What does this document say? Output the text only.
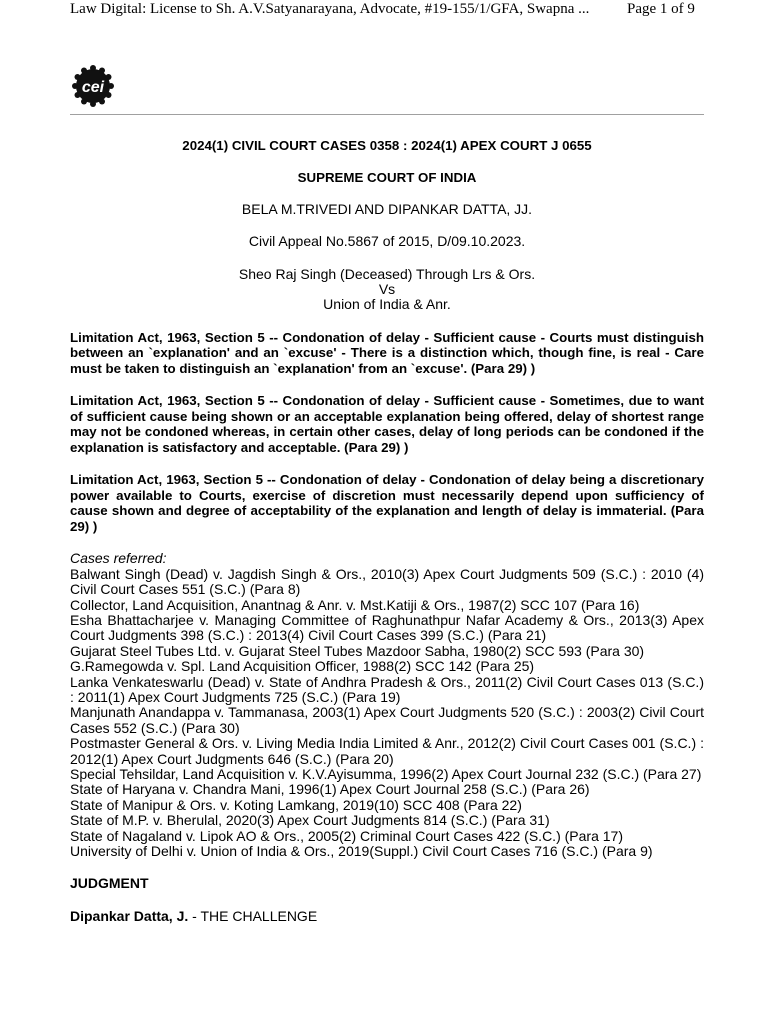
Law Digital: License to Sh. A.V.Satyanarayana, Advocate, #19-155/1/GFA, Swapna ...	Page 1 of 9
cei
2024(1) CIVIL COURT CASES 0358 : 2024(1) APEX COURT J 0655
SUPREME COURT OF INDIA
BELA M.TRIVEDI AND DIPANKAR DATTA, JJ.
Civil Appeal No.5867 of 2015, D/09.10.2023.
Sheo Raj Singh (Deceased) Through Lrs & Ors.
Vs
Union of India & Anr.
Limitation Act, 1963, Section 5 -- Condonation of delay - Sufficient cause - Courts must distinguish between an `explanation' and an `excuse' - There is a distinction which, though fine, is real - Care must be taken to distinguish an `explanation' from an `excuse'. (Para 29) )
Limitation Act, 1963, Section 5 -- Condonation of delay - Sufficient cause - Sometimes, due to want of sufficient cause being shown or an acceptable explanation being offered, delay of shortest range may not be condoned whereas, in certain other cases, delay of long periods can be condoned if the explanation is satisfactory and acceptable. (Para 29) )
Limitation Act, 1963, Section 5 -- Condonation of delay - Condonation of delay being a discretionary power available to Courts, exercise of discretion must necessarily depend upon sufficiency of cause shown and degree of acceptability of the explanation and length of delay is immaterial. (Para 29) )
Cases referred:
Balwant Singh (Dead) v. Jagdish Singh & Ors., 2010(3) Apex Court Judgments 509 (S.C.) : 2010 (4) Civil Court Cases 551 (S.C.) (Para 8)
Collector, Land Acquisition, Anantnag & Anr. v. Mst.Katiji & Ors., 1987(2) SCC 107 (Para 16)
Esha Bhattacharjee v. Managing Committee of Raghunathpur Nafar Academy & Ors., 2013(3) Apex Court Judgments 398 (S.C.) : 2013(4) Civil Court Cases 399 (S.C.) (Para 21)
Gujarat Steel Tubes Ltd. v. Gujarat Steel Tubes Mazdoor Sabha, 1980(2) SCC 593 (Para 30)
G.Ramegowda v. Spl. Land Acquisition Officer, 1988(2) SCC 142 (Para 25)
Lanka Venkateswarlu (Dead) v. State of Andhra Pradesh & Ors., 2011(2) Civil Court Cases 013 (S.C.) : 2011(1) Apex Court Judgments 725 (S.C.) (Para 19)
Manjunath Anandappa v. Tammanasa, 2003(1) Apex Court Judgments 520 (S.C.) : 2003(2) Civil Court Cases 552 (S.C.) (Para 30)
Postmaster General & Ors. v. Living Media India Limited & Anr., 2012(2) Civil Court Cases 001 (S.C.) : 2012(1) Apex Court Judgments 646 (S.C.) (Para 20)
Special Tehsildar, Land Acquisition v. K.V.Ayisumma, 1996(2) Apex Court Journal 232 (S.C.) (Para 27)
State of Haryana v. Chandra Mani, 1996(1) Apex Court Journal 258 (S.C.) (Para 26)
State of Manipur & Ors. v. Koting Lamkang, 2019(10) SCC 408 (Para 22)
State of M.P. v. Bherulal, 2020(3) Apex Court Judgments 814 (S.C.) (Para 31)
State of Nagaland v. Lipok AO & Ors., 2005(2) Criminal Court Cases 422 (S.C.) (Para 17)
University of Delhi v. Union of India & Ors., 2019(Suppl.) Civil Court Cases 716 (S.C.) (Para 9)
JUDGMENT
Dipankar Datta, J. - THE CHALLENGE
